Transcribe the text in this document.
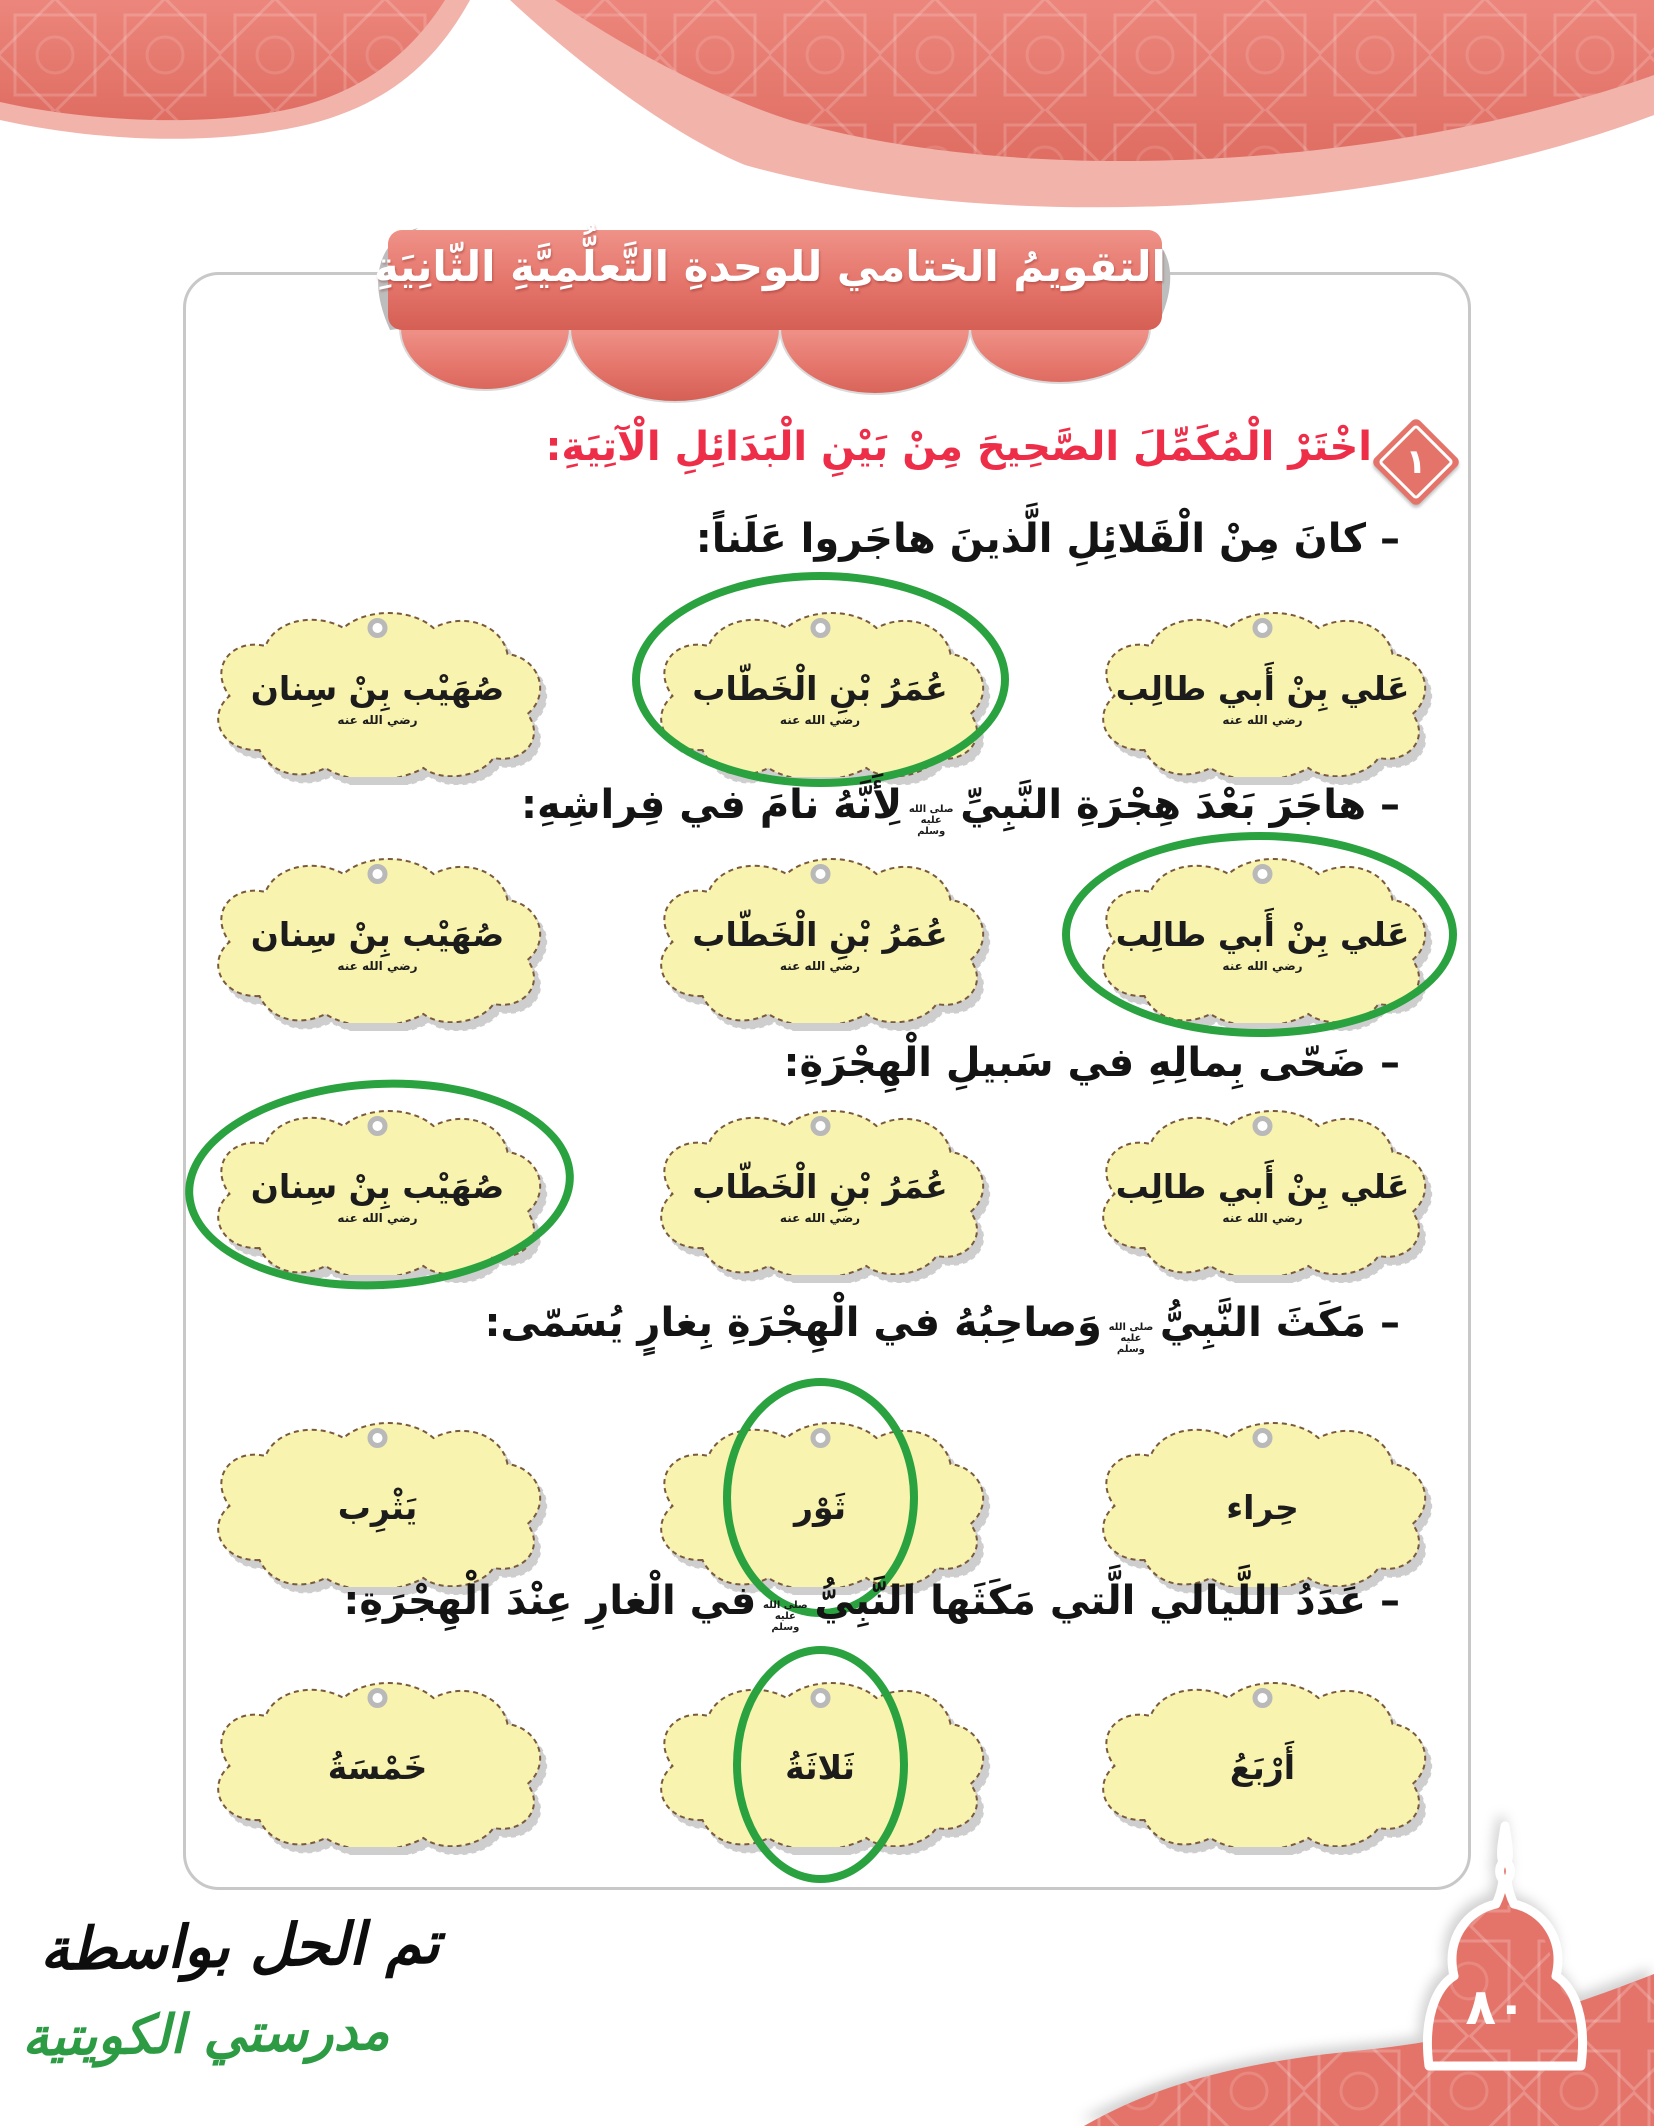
التقويمُ الختامي للوحدةِ التَّعلُّمِيَّةِ الثّانِيَةِ
١
اخْتَرْ الْمُكَمِّلَ الصَّحِيحَ مِنْ بَيْنِ الْبَدَائِلِ الْآتِيَةِ:
– كانَ مِنْ الْقَلائِلِ الَّذينَ هاجَروا عَلَناً:
عَلي بِنْ أَبي طالِب
رضي الله عنه
عُمَرُ بْنِ الْخَطّاب
رضي الله عنه
صُهَيْب بِنْ سِنان
رضي الله عنه
– هاجَرَ بَعْدَ هِجْرَةِ النَّبِيِّصلى الله عليه وسلملِأَنَّهُ نامَ في فِراشِهِ:
عَلي بِنْ أَبي طالِب
رضي الله عنه
عُمَرُ بْنِ الْخَطّاب
رضي الله عنه
صُهَيْب بِنْ سِنان
رضي الله عنه
– ضَحّى بِمالِهِ في سَبيلِ الْهِجْرَةِ:
عَلي بِنْ أَبي طالِب
رضي الله عنه
عُمَرُ بْنِ الْخَطّاب
رضي الله عنه
صُهَيْب بِنْ سِنان
رضي الله عنه
– مَكَثَ النَّبِيُّصلى الله عليه وسلموَصاحِبُهُ في الْهِجْرَةِ بِغارٍ يُسَمّى:
حِراء
ثَوْر
يَثْرِب
– عَدَدُ اللَّيالي الَّتي مَكَثَها النَّبِيُّصلى الله عليه وسلمفي الْغارِ عِنْدَ الْهِجْرَةِ:
أَرْبَعُ
ثَلاثَةُ
خَمْسَةُ
تم الحل بواسطة
مدرستي الكويتية	٨٠
